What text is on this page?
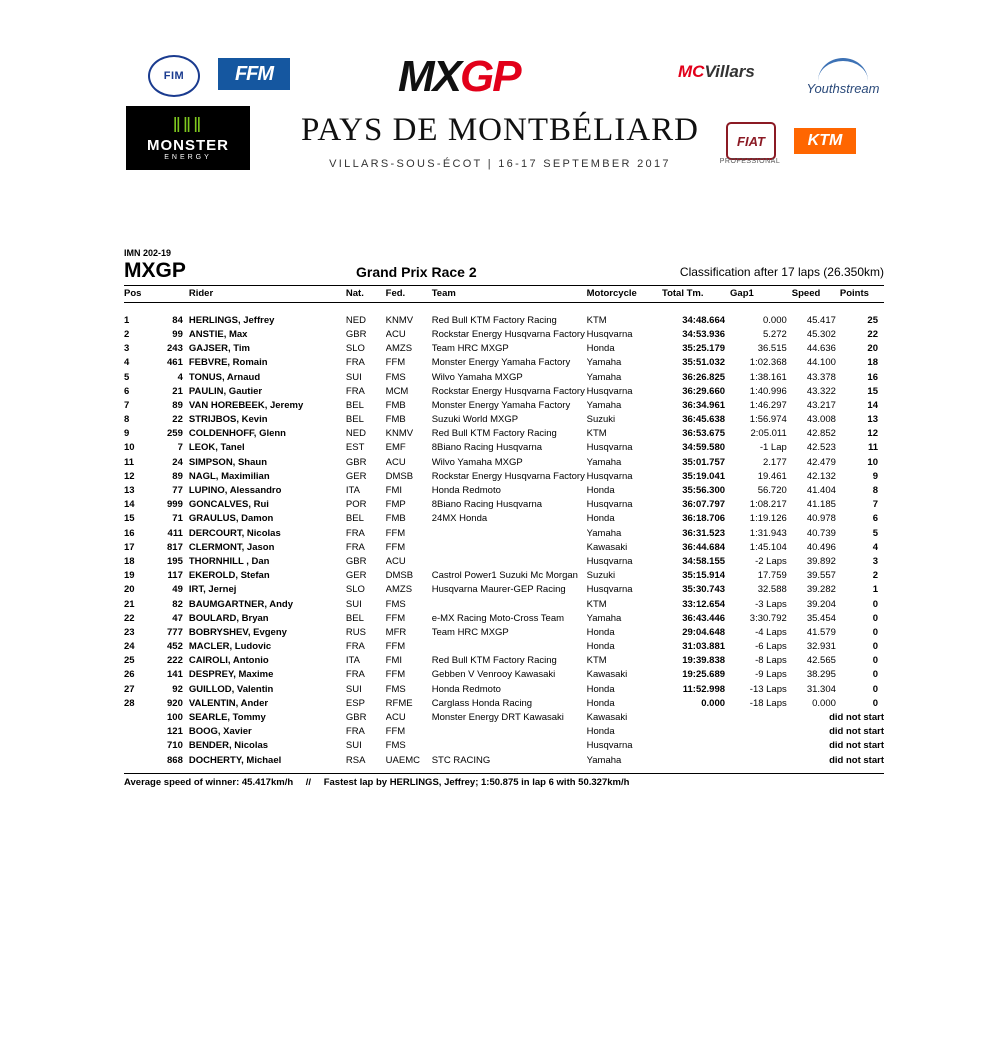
FIM	FFM	MXGP	MCVillars
Youthstream
‖‖‖
MONSTER
ENERGY
PAYS DE MONTBÉLIARD
VILLARS-SOUS-ÉCOT | 16-17 SEPTEMBER 2017
FIAT
PROFESSIONAL
KTM
IMN 202-19
MXGP	Grand Prix Race 2	Classification after 17 laps (26.350km)
Pos		Rider	Nat.	Fed.	Team	Motorcycle	Total Tm.	Gap1	Speed	Points

1	84	HERLINGS, Jeffrey	NED	KNMV	Red Bull KTM Factory Racing	KTM	34:48.664	0.000	45.417	25
2	99	ANSTIE, Max	GBR	ACU	Rockstar Energy Husqvarna Factory	Husqvarna	34:53.936	5.272	45.302	22
3	243	GAJSER, Tim	SLO	AMZS	Team HRC MXGP	Honda	35:25.179	36.515	44.636	20
4	461	FEBVRE, Romain	FRA	FFM	Monster Energy Yamaha Factory	Yamaha	35:51.032	1:02.368	44.100	18
5	4	TONUS, Arnaud	SUI	FMS	Wilvo Yamaha MXGP	Yamaha	36:26.825	1:38.161	43.378	16
6	21	PAULIN, Gautier	FRA	MCM	Rockstar Energy Husqvarna Factory	Husqvarna	36:29.660	1:40.996	43.322	15
7	89	VAN HOREBEEK, Jeremy	BEL	FMB	Monster Energy Yamaha Factory	Yamaha	36:34.961	1:46.297	43.217	14
8	22	STRIJBOS, Kevin	BEL	FMB	Suzuki World MXGP	Suzuki	36:45.638	1:56.974	43.008	13
9	259	COLDENHOFF, Glenn	NED	KNMV	Red Bull KTM Factory Racing	KTM	36:53.675	2:05.011	42.852	12
10	7	LEOK, Tanel	EST	EMF	8Biano Racing Husqvarna	Husqvarna	34:59.580	-1 Lap	42.523	11
11	24	SIMPSON, Shaun	GBR	ACU	Wilvo Yamaha MXGP	Yamaha	35:01.757	2.177	42.479	10
12	89	NAGL, Maximilian	GER	DMSB	Rockstar Energy Husqvarna Factory	Husqvarna	35:19.041	19.461	42.132	9
13	77	LUPINO, Alessandro	ITA	FMI	Honda Redmoto	Honda	35:56.300	56.720	41.404	8
14	999	GONCALVES, Rui	POR	FMP	8Biano Racing Husqvarna	Husqvarna	36:07.797	1:08.217	41.185	7
15	71	GRAULUS, Damon	BEL	FMB	24MX Honda	Honda	36:18.706	1:19.126	40.978	6
16	411	DERCOURT, Nicolas	FRA	FFM		Yamaha	36:31.523	1:31.943	40.739	5
17	817	CLERMONT, Jason	FRA	FFM		Kawasaki	36:44.684	1:45.104	40.496	4
18	195	THORNHILL , Dan	GBR	ACU		Husqvarna	34:58.155	-2 Laps	39.892	3
19	117	EKEROLD, Stefan	GER	DMSB	Castrol Power1 Suzuki Mc Morgan	Suzuki	35:15.914	17.759	39.557	2
20	49	IRT, Jernej	SLO	AMZS	Husqvarna Maurer-GEP Racing	Husqvarna	35:30.743	32.588	39.282	1
21	82	BAUMGARTNER, Andy	SUI	FMS		KTM	33:12.654	-3 Laps	39.204	0
22	47	BOULARD, Bryan	BEL	FFM	e-MX Racing Moto-Cross Team	Yamaha	36:43.446	3:30.792	35.454	0
23	777	BOBRYSHEV, Evgeny	RUS	MFR	Team HRC MXGP	Honda	29:04.648	-4 Laps	41.579	0
24	452	MACLER, Ludovic	FRA	FFM		Honda	31:03.881	-6 Laps	32.931	0
25	222	CAIROLI, Antonio	ITA	FMI	Red Bull KTM Factory Racing	KTM	19:39.838	-8 Laps	42.565	0
26	141	DESPREY, Maxime	FRA	FFM	Gebben V Venrooy Kawasaki	Kawasaki	19:25.689	-9 Laps	38.295	0
27	92	GUILLOD, Valentin	SUI	FMS	Honda Redmoto	Honda	11:52.998	-13 Laps	31.304	0
28	920	VALENTIN, Ander	ESP	RFME	Carglass Honda Racing	Honda	0.000	-18 Laps	0.000	0
	100	SEARLE, Tommy	GBR	ACU	Monster Energy DRT Kawasaki	Kawasaki	did not start			
	121	BOOG, Xavier	FRA	FFM		Honda	did not start			
	710	BENDER, Nicolas	SUI	FMS		Husqvarna	did not start			
	868	DOCHERTY, Michael	RSA	UAEMC	STC RACING	Yamaha	did not start			
Average speed of winner: 45.417km/h // Fastest lap by HERLINGS, Jeffrey; 1:50.875 in lap 6 with 50.327km/h
